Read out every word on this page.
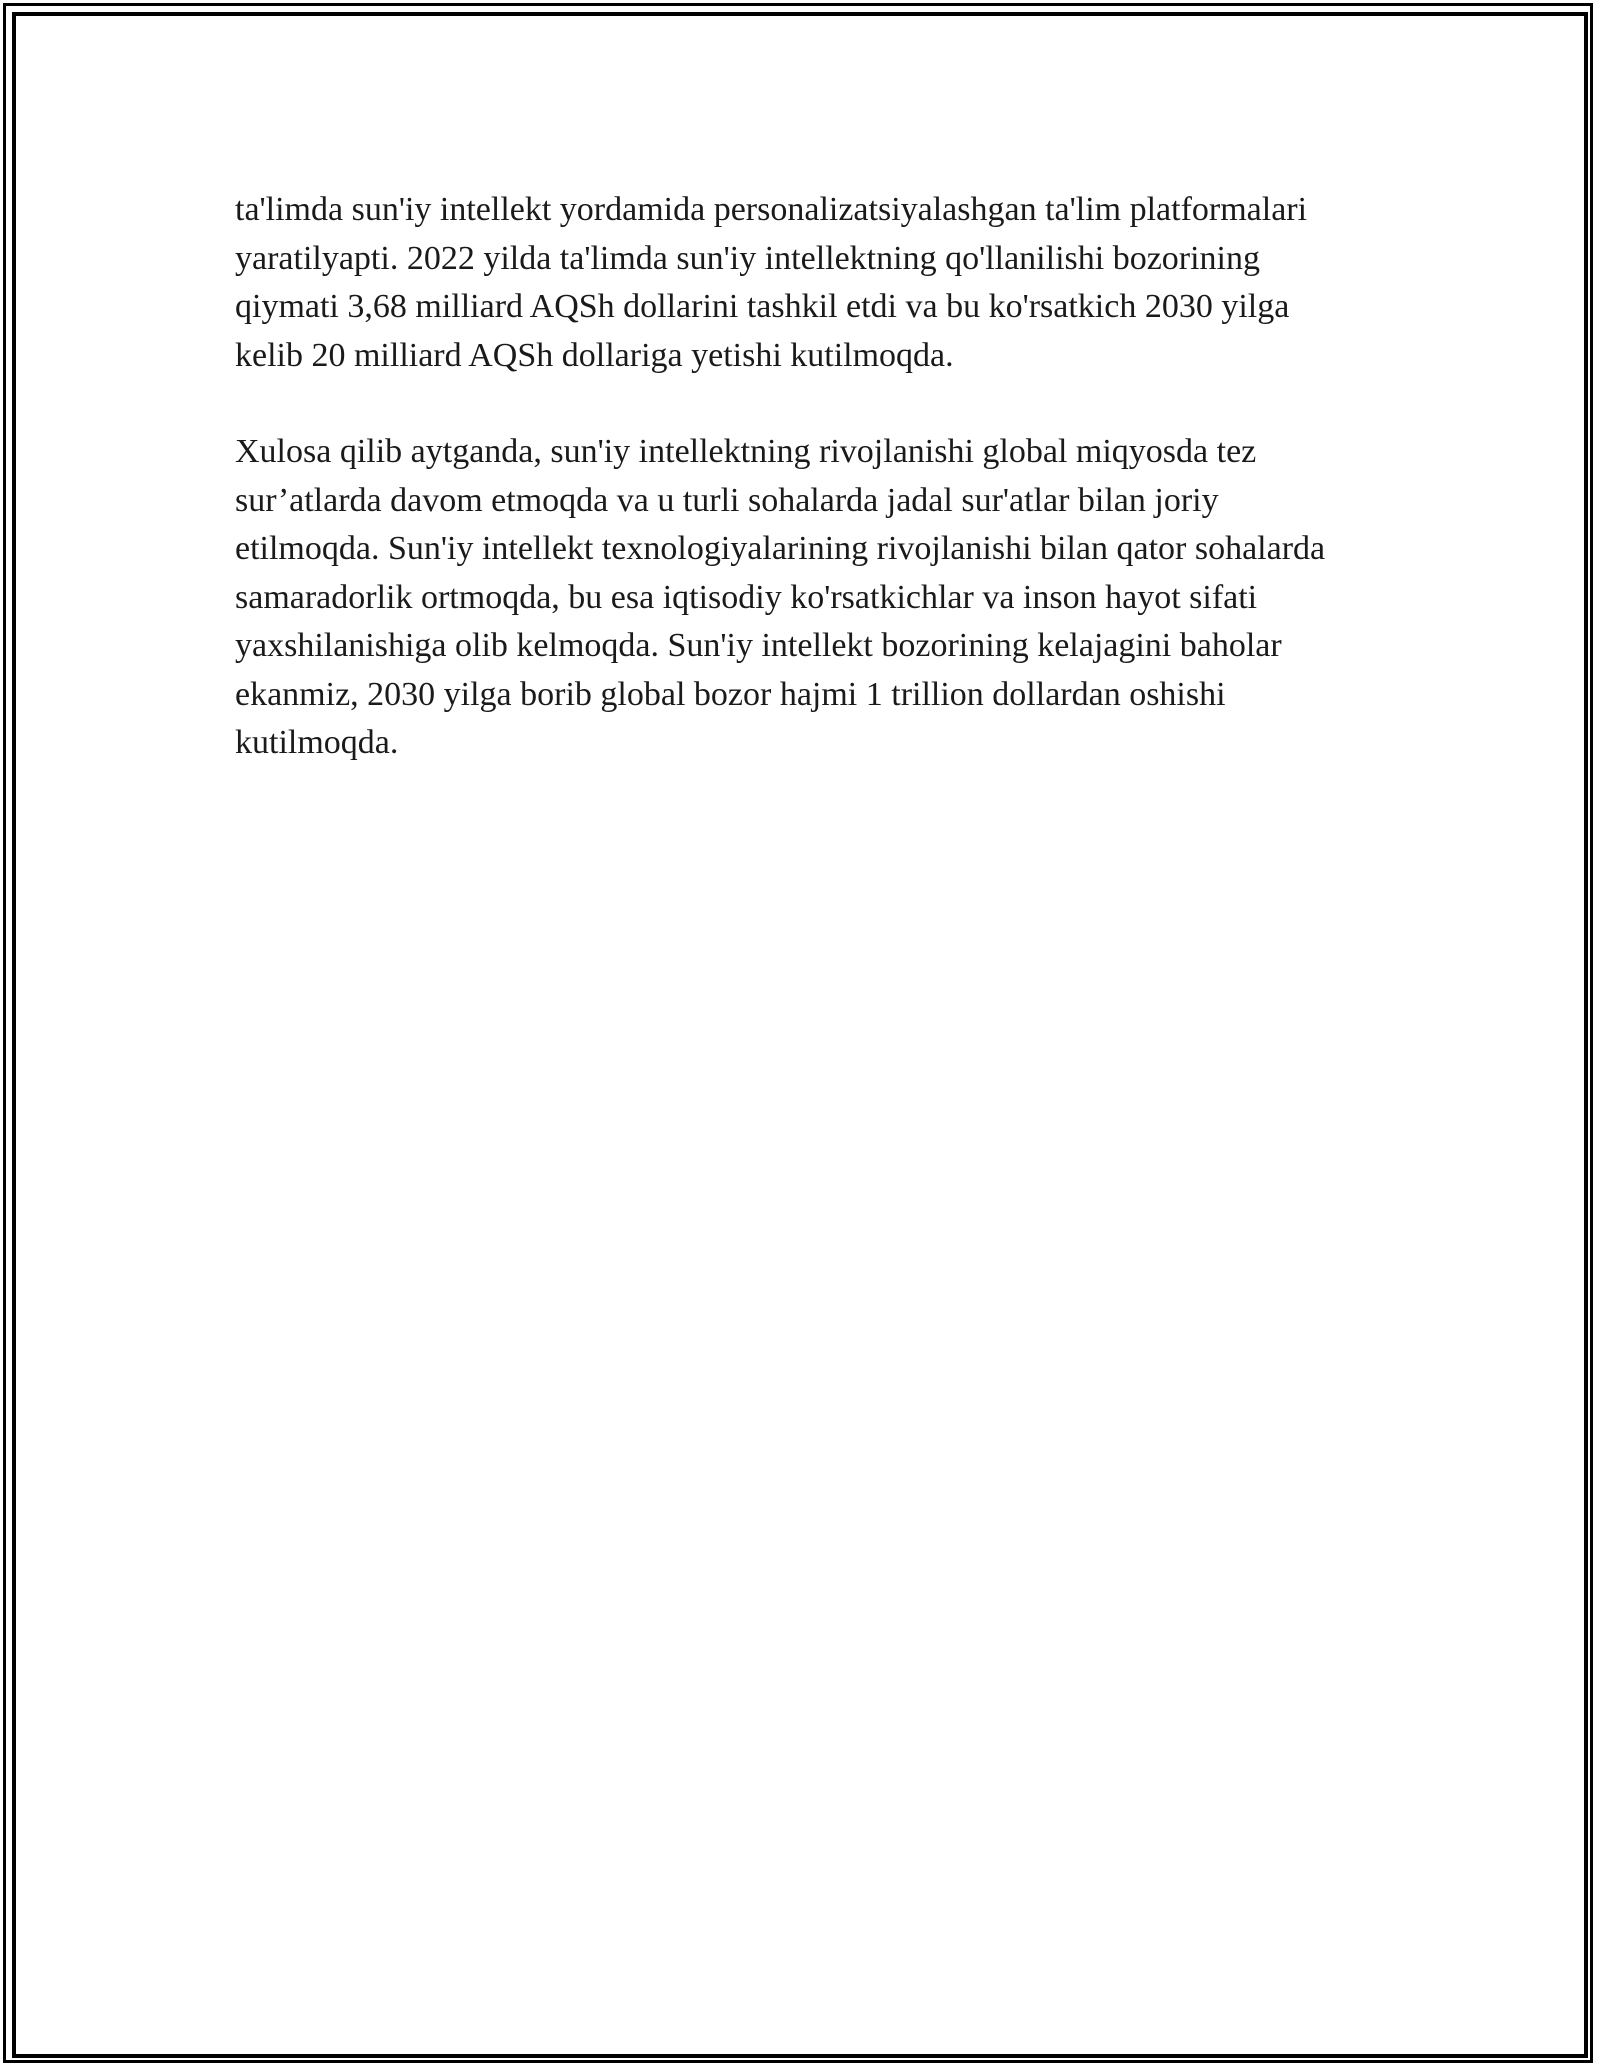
ta'limda sun'iy intellekt yordamida personalizatsiyalashgan ta'lim platformalari yaratilyapti. 2022 yilda ta'limda sun'iy intellektning qo'llanilishi bozorining qiymati 3,68 milliard AQSh dollarini tashkil etdi va bu ko'rsatkich 2030 yilga kelib 20 milliard AQSh dollariga yetishi kutilmoqda.

Xulosa qilib aytganda, sun'iy intellektning rivojlanishi global miqyosda tez sur’atlarda davom etmoqda va u turli sohalarda jadal sur'atlar bilan joriy etilmoqda. Sun'iy intellekt texnologiyalarining rivojlanishi bilan qator sohalarda samaradorlik ortmoqda, bu esa iqtisodiy ko'rsatkichlar va inson hayot sifati yaxshilanishiga olib kelmoqda. Sun'iy intellekt bozorining kelajagini baholar ekanmiz, 2030 yilga borib global bozor hajmi 1 trillion dollardan oshishi kutilmoqda.
